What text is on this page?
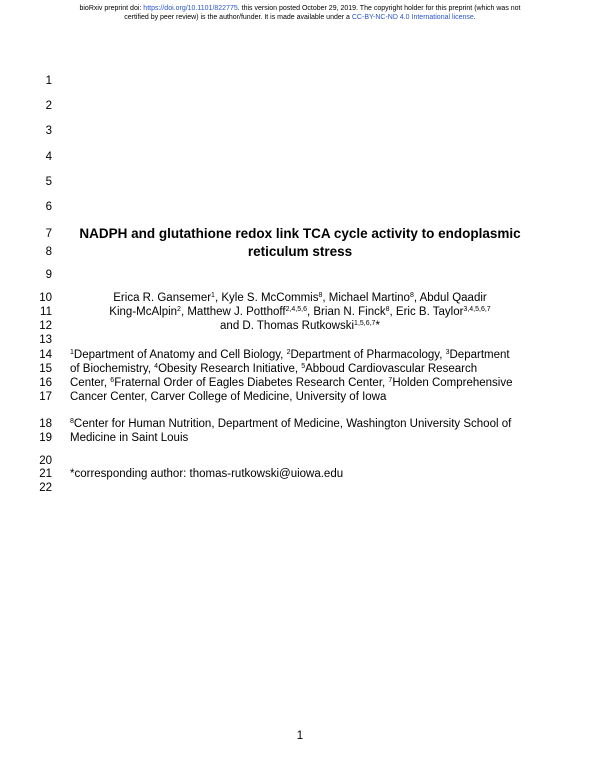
bioRxiv preprint doi: https://doi.org/10.1101/822775. this version posted October 29, 2019. The copyright holder for this preprint (which was not
certified by peer review) is the author/funder. It is made available under a CC-BY-NC-ND 4.0 International license.
1
2
3
4
5
6
7
8
9
10
11
12
13
14
15
16
17
18
19
20
21
22
NADPH and glutathione redox link TCA cycle activity to endoplasmic
reticulum stress
Erica R. Gansemer$^1$, Kyle S. McCommis$^8$, Michael Martino$^8$, Abdul Qaadir
King-McAlpin$^2$, Matthew J. Potthoff$^{2,4,5,6}$, Brian N. Finck$^8$, Eric B. Taylor$^{3,4,5,6,7}$
and D. Thomas Rutkowski$^{1,5,6,7}$*
$^1$Department of Anatomy and Cell Biology, $^2$Department of Pharmacology, $^3$Department
of Biochemistry, $^4$Obesity Research Initiative, $^5$Abboud Cardiovascular Research
Center, $^6$Fraternal Order of Eagles Diabetes Research Center, $^7$Holden Comprehensive
Cancer Center, Carver College of Medicine, University of Iowa
$^8$Center for Human Nutrition, Department of Medicine, Washington University School of
Medicine in Saint Louis
*corresponding author: thomas-rutkowski@uiowa.edu
1
